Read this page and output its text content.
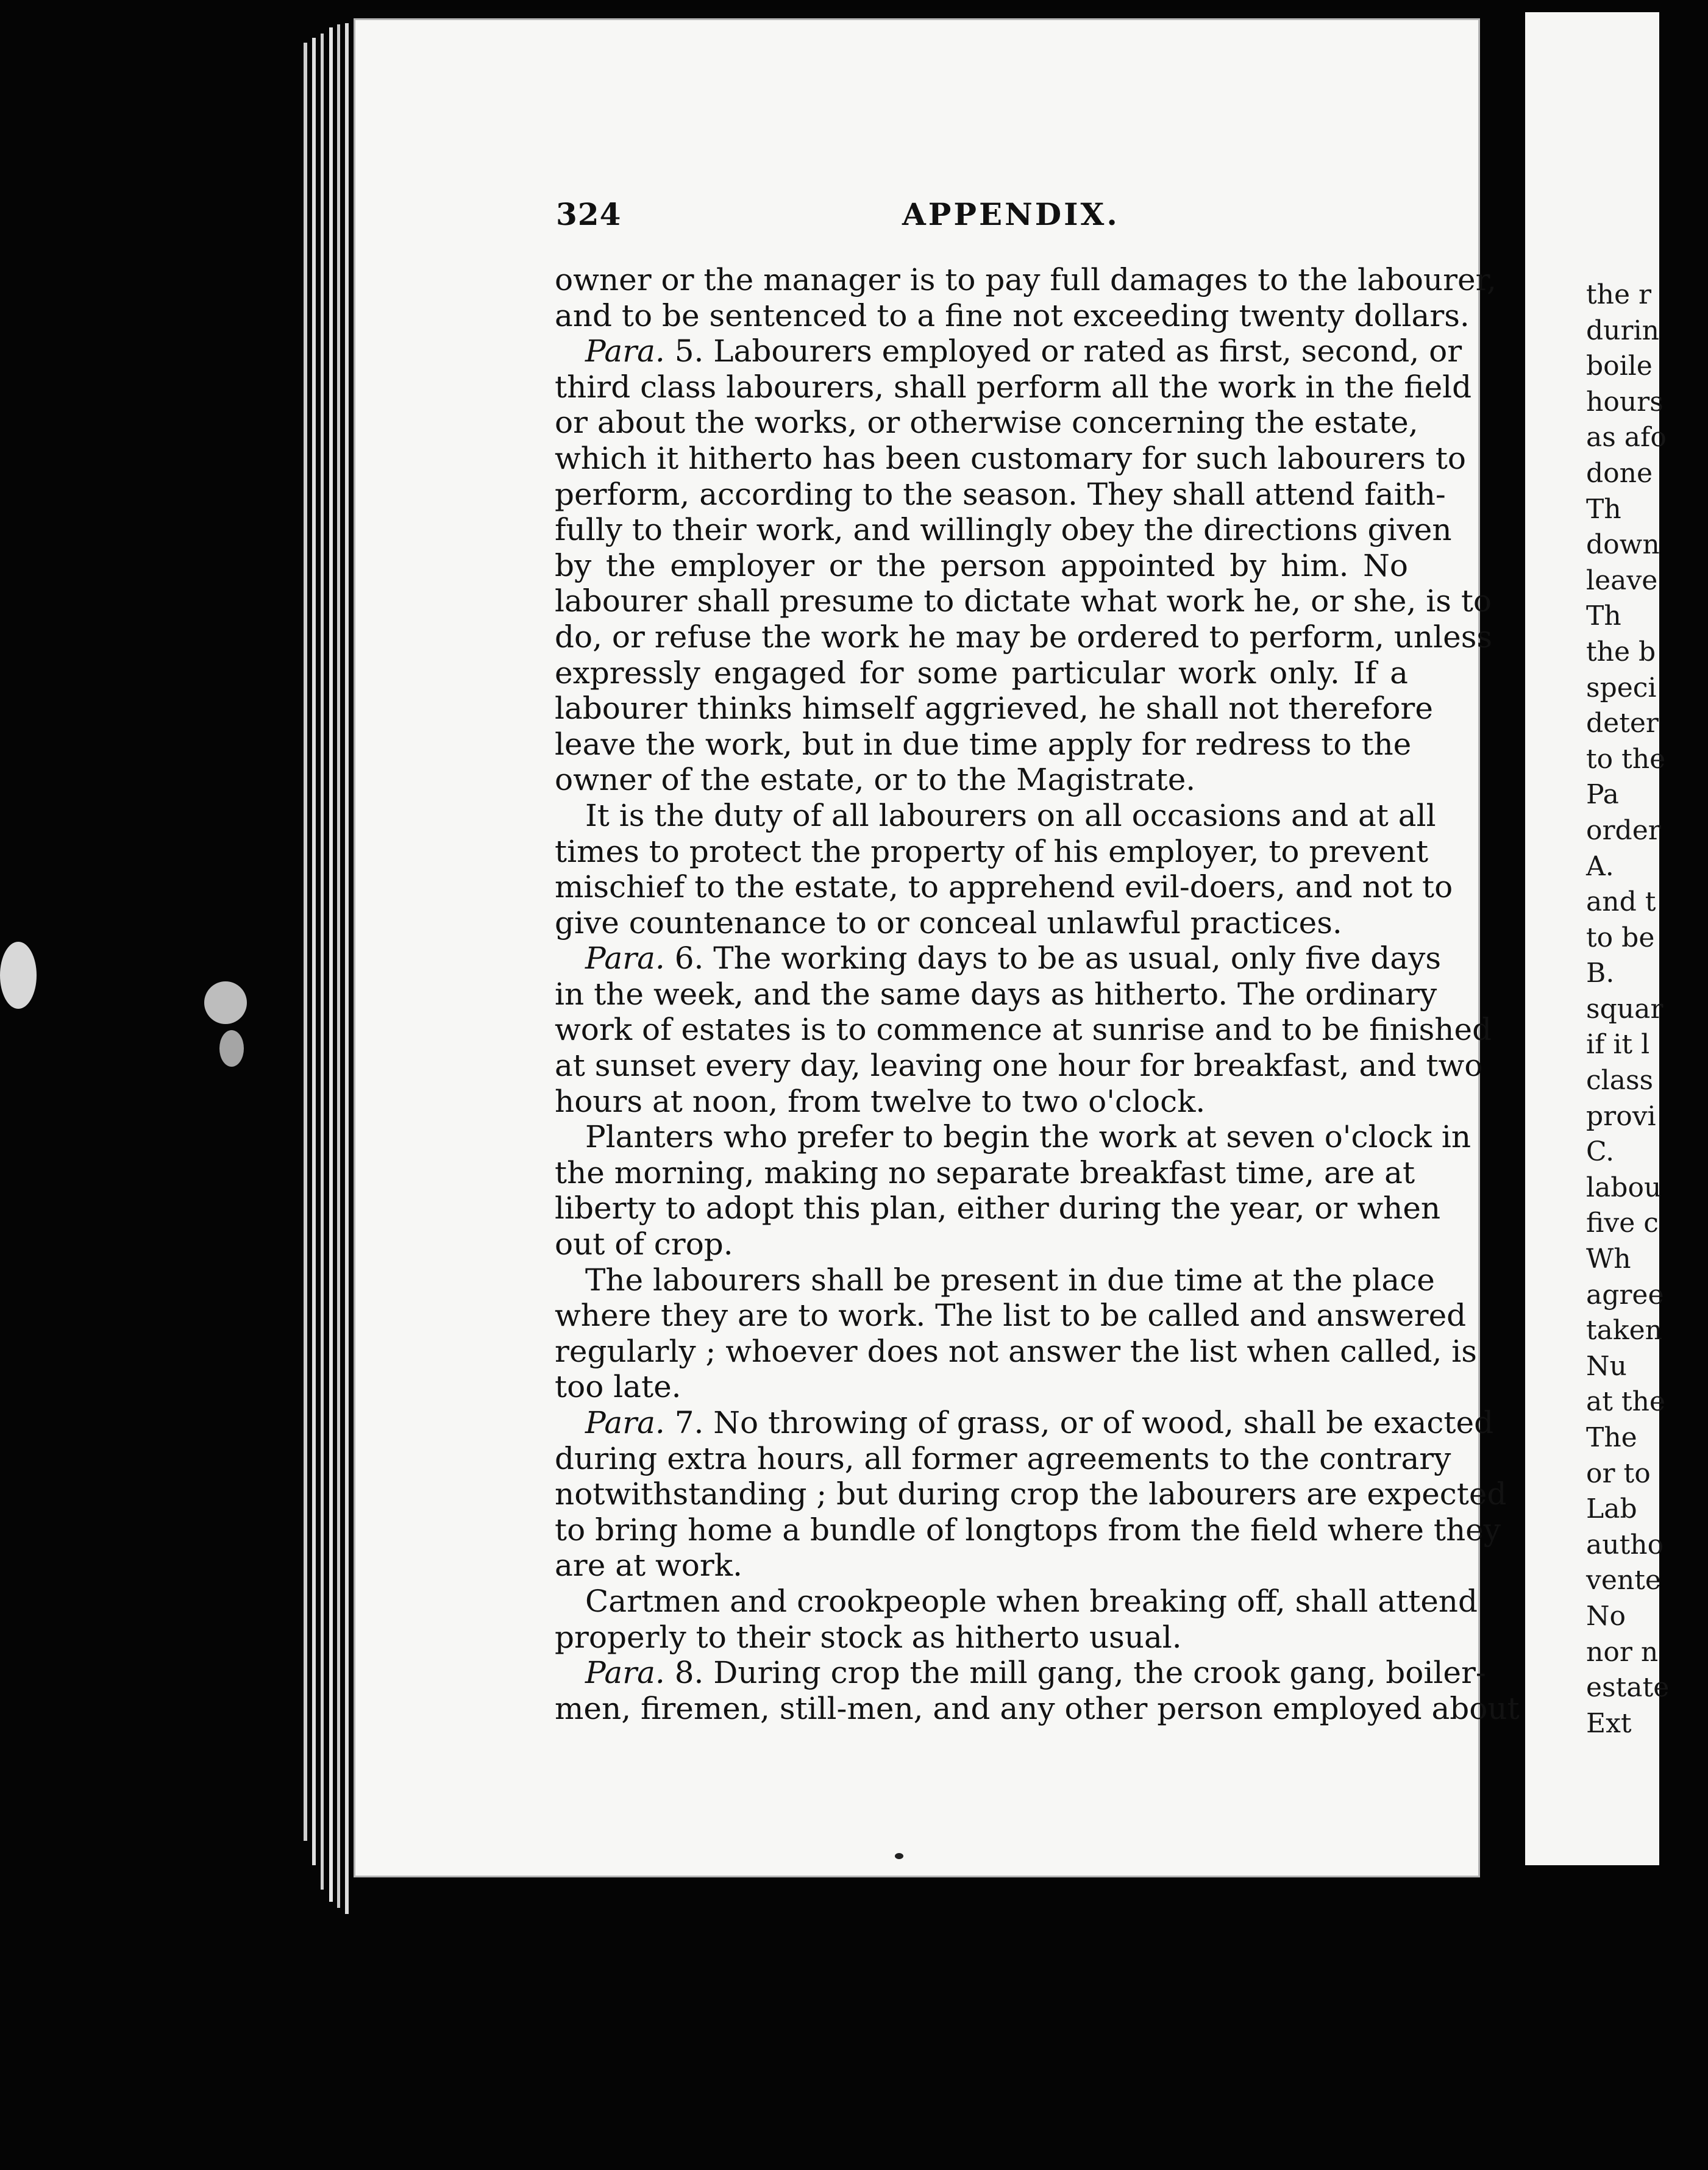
324	APPENDIX.
owner or the manager is to pay full damages to the labourer,
and to be sentenced to a fine not exceeding twenty dollars.
Para. 5. Labourers employed or rated as first, second, or
third class labourers, shall perform all the work in the field
or about the works, or otherwise concerning the estate,
which it hitherto has been customary for such labourers to
perform, according to the season. They shall attend faith-
fully to their work, and willingly obey the directions given
by the employer or the person appointed by him. No
labourer shall presume to dictate what work he, or she, is to
do, or refuse the work he may be ordered to perform, unless
expressly engaged for some particular work only. If a
labourer thinks himself aggrieved, he shall not therefore
leave the work, but in due time apply for redress to the
owner of the estate, or to the Magistrate.
It is the duty of all labourers on all occasions and at all
times to protect the property of his employer, to prevent
mischief to the estate, to apprehend evil-doers, and not to
give countenance to or conceal unlawful practices.
Para. 6. The working days to be as usual, only five days
in the week, and the same days as hitherto. The ordinary
work of estates is to commence at sunrise and to be finished
at sunset every day, leaving one hour for breakfast, and two
hours at noon, from twelve to two o'clock.
Planters who prefer to begin the work at seven o'clock in
the morning, making no separate breakfast time, are at
liberty to adopt this plan, either during the year, or when
out of crop.
The labourers shall be present in due time at the place
where they are to work. The list to be called and answered
regularly ; whoever does not answer the list when called, is
too late.
Para. 7. No throwing of grass, or of wood, shall be exacted
during extra hours, all former agreements to the contrary
notwithstanding ; but during crop the labourers are expected
to bring home a bundle of longtops from the field where they
are at work.
Cartmen and crookpeople when breaking off, shall attend
properly to their stock as hitherto usual.
Para. 8. During crop the mill gang, the crook gang, boiler-
men, firemen, still-men, and any other person employed about
the r
durin
boile
hours
as afo
done
Th
down
leave
Th
the b
speci
deter
to the
Pa
order
A.
and t
to be
B.
squar
if it l
class
provi
C.
labou
five c
Wh
agree
taken
Nu
at the
The
or to
Lab
autho
vente
No
nor n
estate
Ext
